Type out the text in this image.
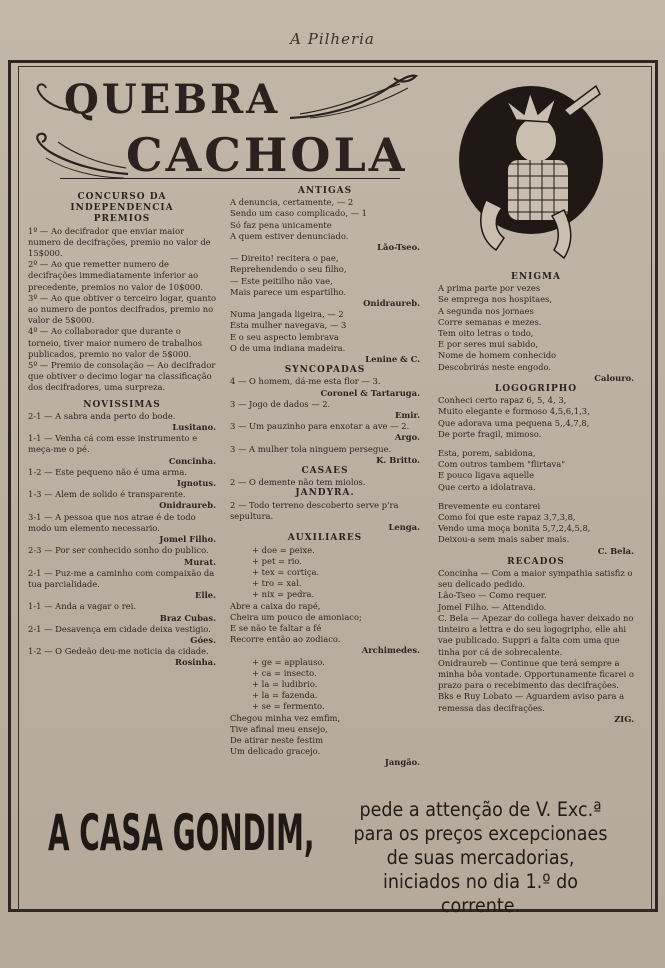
A Pilheria
QUEBRA
CACHOLA

CONCURSO DA INDEPENDENCIA

PREMIOS

1º — Ao decifrador que enviar maior numero de decifrações, premio no valor de 15$000.

2º — Ao que remetter numero de decifrações immediatamente inferior ao precedente, premios no valor de 10$000.

3º — Ao que obtiver o terceiro logar, quanto ao numero de pontos decifrados, premio no valor de 5$000.

4º — Ao collaborador que durante o torneio, tiver maior numero de trabalhos publicados, premio no valor de 5$000.

5º — Premio de consolação — Ao decifrador que obtiver o decimo logar na classificação dos decifradores, uma surpreza.

NOVISSIMAS

2-1 — A sabra anda perto do bode.

Lusitano.

1-1 — Venha cá com esse instrumento e meça-me o pé.

Concinha.

1-2 — Este pequeno não é uma arma.

Ignotus.

1-3 — Alem de solido é transparente.

Onidraureb.

3-1 — A pessoa que nos atrae é de todo modo um elemento necessario.

Jomel Filho.

2-3 — Por ser conhecido sonho do publico.

Murat.

2-1 — Puz-me a caminho com compaixão da tua parcialidade.

Elle.

1-1 — Anda a vagar o rei.

Braz Cubas.

2-1 — Desavença em cidade deixa vestigio.

Góes.

1-2 — O Gedeão deu-me noticia da cidade.

Rosinha.

ANTIGAS

A denuncia, certamente, — 2

Sendo um caso complicado, — 1

Só faz pena unicamente

A quem estiver denunciado.

Lão-Tseo.

— Direito! recitera o pae,

Reprehendendo o seu filho,

— Este peitilho não vae,

Mais parece um espartilho.

Onidraureb.

Numa jangada ligeira, — 2

Esta mulher navegava, — 3

E o seu aspecto lembrava

O de uma indiana madeira.

Lenine & C.

SYNCOPADAS

4 — O homem, dá-me esta flor — 3.

Coronel & Tartaruga.

3 — Jogo de dados — 2.

Emir.

3 — Um pauzinho para enxotar a ave — 2.

Argo.

3 — A mulher tola ninguem persegue.

K. Britto.

CASAES

2 — O demente não tem miolos.

JANDYRA.

2 — Todo terreno descoberto serve p'ra sepultura.

Lenga.

AUXILIARES

+ doe = peixe.

+ pet = rio.

+ tex = cortiça.

+ tro = xal.

+ nix = pedra.

Abre a caixa do rapé,

Cheira um pouco de amoniaco;

E se não te faltar a fé

Recorre então ao zodiaco.

Archimedes.

+ ge = applauso.

+ ca = insecto.

+ la = ludibrio.

+ la = fazenda.

+ se = fermento.

Chegou minha vez emfim,

Tive afinal meu ensejo,

De atirar neste festim

Um delicado gracejo.

Jangão.

ENIGMA

A prima parte por vezes

Se emprega nos hospitaes,

A segunda nos jornaes

Corre semanas e mezes.

Tem oito letras o todo,

E por seres mui sabido,

Nome de homem conhecido

Descobrirás neste engodo.

Calouro.

LOGOGRIPHO

Conheci certo rapaz 6, 5, 4, 3,

Muito elegante e formoso 4,5,6,1,3,

Que adorava uma pequena 5,,4,7,8,

De porte fragil, mimoso.

Esta, porem, sabidona,

Com outros tambem "flirtava"

E pouco ligava aquelle

Que certo a idolatrava.

Brevemente eu contarei

Como foi que este rapaz 3,7,3,8,

Vendo uma moça bonita 5,7,2,4,5,8,

Deixou-a sem mais saber mais.

C. Bela.

RECADOS

Concinha — Com a maior sympathia satisfiz o seu delicado pedido.

Lão-Tseo — Como requer.

Jomel Filho. — Attendido.

C. Bela — Apezar do collega haver deixado no tinteiro a lettra e do seu logogripho, elle ahi vae publicado. Suppri a falta com uma que tinha por cá de sobrecalente.

Onidraureb — Continue que terá sempre a minha bôa vontade. Opportunamente ficarei o prazo para o recebimento das decifrações.

Bks e Ruy Lobato — Aguardem aviso para a remessa das decifrações.

ZIG.

A CASA GONDIM,	pede a attenção de V. Exc.ª para os preços excepcionaes de suas mercadorias, iniciados no dia 1.º do corrente.
